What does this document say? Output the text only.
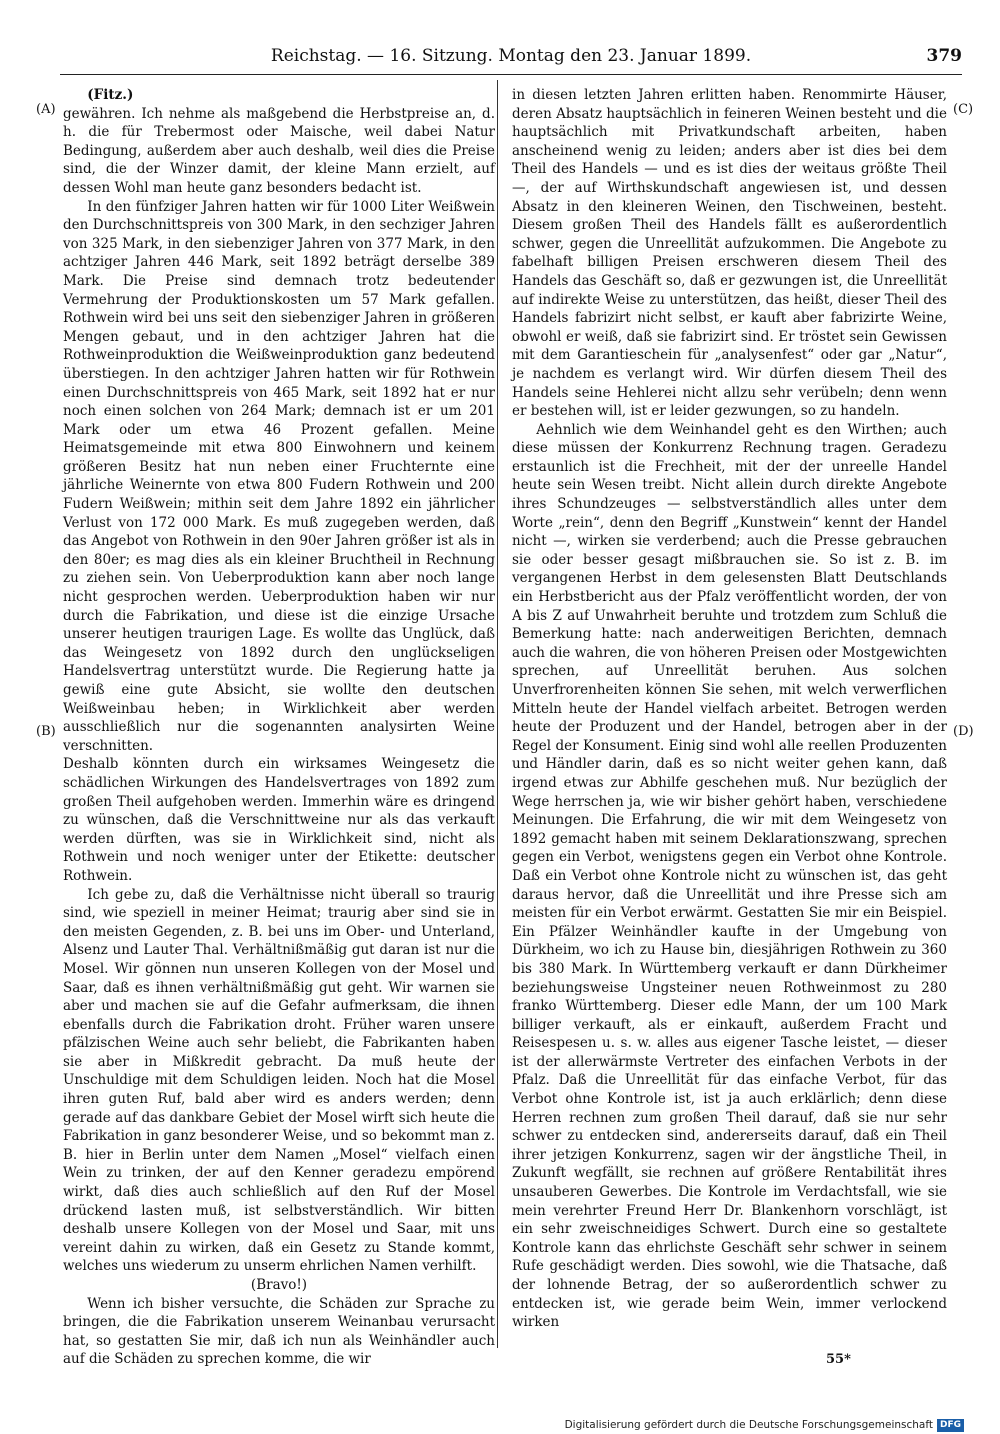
Reichstag. — 16. Sitzung. Montag den 23. Januar 1899.	379
(A)
(B)
(C)
(D)

(Fitz.)

gewähren. Ich nehme als maßgebend die Herbstpreise an, d. h. die für Trebermost oder Maische, weil dabei Natur Bedingung, außerdem aber auch deshalb, weil dies die Preise sind, die der Winzer damit, der kleine Mann erzielt, auf dessen Wohl man heute ganz besonders bedacht ist.

In den fünfziger Jahren hatten wir für 1000 Liter Weißwein den Durchschnittspreis von 300 Mark, in den sechziger Jahren von 325 Mark, in den siebenziger Jahren von 377 Mark, in den achtziger Jahren 446 Mark, seit 1892 beträgt derselbe 389 Mark. Die Preise sind demnach trotz bedeutender Vermehrung der Produktionskosten um 57 Mark gefallen. Rothwein wird bei uns seit den siebenziger Jahren in größeren Mengen gebaut, und in den achtziger Jahren hat die Rothweinproduktion die Weißweinproduktion ganz bedeutend überstiegen. In den achtziger Jahren hatten wir für Rothwein einen Durchschnittspreis von 465 Mark, seit 1892 hat er nur noch einen solchen von 264 Mark; demnach ist er um 201 Mark oder um etwa 46 Prozent gefallen. Meine Heimatsgemeinde mit etwa 800 Einwohnern und keinem größeren Besitz hat nun neben einer Fruchternte eine jährliche Weinernte von etwa 800 Fudern Rothwein und 200 Fudern Weißwein; mithin seit dem Jahre 1892 ein jährlicher Verlust von 172 000 Mark. Es muß zugegeben werden, daß das Angebot von Rothwein in den 90er Jahren größer ist als in den 80er; es mag dies als ein kleiner Bruchtheil in Rechnung zu ziehen sein. Von Ueberproduktion kann aber noch lange nicht gesprochen werden. Ueberproduktion haben wir nur durch die Fabrikation, und diese ist die einzige Ursache unserer heutigen traurigen Lage. Es wollte das Unglück, daß das Weingesetz von 1892 durch den unglückseligen Handelsvertrag unterstützt wurde. Die Regierung hatte ja gewiß eine gute Absicht, sie wollte den deutschen Weißweinbau heben; in Wirklichkeit aber werden ausschließlich nur die sogenannten analysirten Weine verschnitten.

Deshalb könnten durch ein wirksames Weingesetz die schädlichen Wirkungen des Handelsvertrages von 1892 zum großen Theil aufgehoben werden. Immerhin wäre es dringend zu wünschen, daß die Verschnittweine nur als das verkauft werden dürften, was sie in Wirklichkeit sind, nicht als Rothwein und noch weniger unter der Etikette: deutscher Rothwein.

Ich gebe zu, daß die Verhältnisse nicht überall so traurig sind, wie speziell in meiner Heimat; traurig aber sind sie in den meisten Gegenden, z. B. bei uns im Ober- und Unterland, Alsenz und Lauter Thal. Verhältnißmäßig gut daran ist nur die Mosel. Wir gönnen nun unseren Kollegen von der Mosel und Saar, daß es ihnen verhältnißmäßig gut geht. Wir warnen sie aber und machen sie auf die Gefahr aufmerksam, die ihnen ebenfalls durch die Fabrikation droht. Früher waren unsere pfälzischen Weine auch sehr beliebt, die Fabrikanten haben sie aber in Mißkredit gebracht. Da muß heute der Unschuldige mit dem Schuldigen leiden. Noch hat die Mosel ihren guten Ruf, bald aber wird es anders werden; denn gerade auf das dankbare Gebiet der Mosel wirft sich heute die Fabrikation in ganz besonderer Weise, und so bekommt man z. B. hier in Berlin unter dem Namen „Mosel“ vielfach einen Wein zu trinken, der auf den Kenner geradezu empörend wirkt, daß dies auch schließlich auf den Ruf der Mosel drückend lasten muß, ist selbstverständlich. Wir bitten deshalb unsere Kollegen von der Mosel und Saar, mit uns vereint dahin zu wirken, daß ein Gesetz zu Stande kommt, welches uns wiederum zu unserm ehrlichen Namen verhilft.

(Bravo!)

Wenn ich bisher versuchte, die Schäden zur Sprache zu bringen, die die Fabrikation unserem Weinanbau verursacht hat, so gestatten Sie mir, daß ich nun als Weinhändler auch auf die Schäden zu sprechen komme, die wir

in diesen letzten Jahren erlitten haben. Renommirte Häuser, deren Absatz hauptsächlich in feineren Weinen besteht und die hauptsächlich mit Privatkundschaft arbeiten, haben anscheinend wenig zu leiden; anders aber ist dies bei dem Theil des Handels — und es ist dies der weitaus größte Theil —, der auf Wirthskundschaft angewiesen ist, und dessen Absatz in den kleineren Weinen, den Tischweinen, besteht. Diesem großen Theil des Handels fällt es außerordentlich schwer, gegen die Unreellität aufzukommen. Die Angebote zu fabelhaft billigen Preisen erschweren diesem Theil des Handels das Geschäft so, daß er gezwungen ist, die Unreellität auf indirekte Weise zu unterstützen, das heißt, dieser Theil des Handels fabrizirt nicht selbst, er kauft aber fabrizirte Weine, obwohl er weiß, daß sie fabrizirt sind. Er tröstet sein Gewissen mit dem Garantieschein für „analysenfest“ oder gar „Natur“, je nachdem es verlangt wird. Wir dürfen diesem Theil des Handels seine Hehlerei nicht allzu sehr verübeln; denn wenn er bestehen will, ist er leider gezwungen, so zu handeln.

Aehnlich wie dem Weinhandel geht es den Wirthen; auch diese müssen der Konkurrenz Rechnung tragen. Geradezu erstaunlich ist die Frechheit, mit der der unreelle Handel heute sein Wesen treibt. Nicht allein durch direkte Angebote ihres Schundzeuges — selbstverständlich alles unter dem Worte „rein“, denn den Begriff „Kunstwein“ kennt der Handel nicht —, wirken sie verderbend; auch die Presse gebrauchen sie oder besser gesagt mißbrauchen sie. So ist z. B. im vergangenen Herbst in dem gelesensten Blatt Deutschlands ein Herbstbericht aus der Pfalz veröffentlicht worden, der von A bis Z auf Unwahrheit beruhte und trotzdem zum Schluß die Bemerkung hatte: nach anderweitigen Berichten, demnach auch die wahren, die von höheren Preisen oder Mostgewichten sprechen, auf Unreellität beruhen. Aus solchen Unverfrorenheiten können Sie sehen, mit welch verwerflichen Mitteln heute der Handel vielfach arbeitet. Betrogen werden heute der Produzent und der Handel, betrogen aber in der Regel der Konsument. Einig sind wohl alle reellen Produzenten und Händler darin, daß es so nicht weiter gehen kann, daß irgend etwas zur Abhilfe geschehen muß. Nur bezüglich der Wege herrschen ja, wie wir bisher gehört haben, verschiedene Meinungen. Die Erfahrung, die wir mit dem Weingesetz von 1892 gemacht haben mit seinem Deklarationszwang, sprechen gegen ein Verbot, wenigstens gegen ein Verbot ohne Kontrole. Daß ein Verbot ohne Kontrole nicht zu wünschen ist, das geht daraus hervor, daß die Unreellität und ihre Presse sich am meisten für ein Verbot erwärmt. Gestatten Sie mir ein Beispiel. Ein Pfälzer Weinhändler kaufte in der Umgebung von Dürkheim, wo ich zu Hause bin, diesjährigen Rothwein zu 360 bis 380 Mark. In Württemberg verkauft er dann Dürkheimer beziehungsweise Ungsteiner neuen Rothweinmost zu 280 franko Württemberg. Dieser edle Mann, der um 100 Mark billiger verkauft, als er einkauft, außerdem Fracht und Reisespesen u. s. w. alles aus eigener Tasche leistet, — dieser ist der allerwärmste Vertreter des einfachen Verbots in der Pfalz. Daß die Unreellität für das einfache Verbot, für das Verbot ohne Kontrole ist, ist ja auch erklärlich; denn diese Herren rechnen zum großen Theil darauf, daß sie nur sehr schwer zu entdecken sind, andererseits darauf, daß ein Theil ihrer jetzigen Konkurrenz, sagen wir der ängstliche Theil, in Zukunft wegfällt, sie rechnen auf größere Rentabilität ihres unsauberen Gewerbes. Die Kontrole im Verdachtsfall, wie sie mein verehrter Freund Herr Dr. Blankenhorn vorschlägt, ist ein sehr zweischneidiges Schwert. Durch eine so gestaltete Kontrole kann das ehrlichste Geschäft sehr schwer in seinem Rufe geschädigt werden. Dies sowohl, wie die Thatsache, daß der lohnende Betrag, der so außerordentlich schwer zu entdecken ist, wie gerade beim Wein, immer verlockend wirken

55*
Digitalisierung gefördert durch die Deutsche Forschungsgemeinschaft DFG
